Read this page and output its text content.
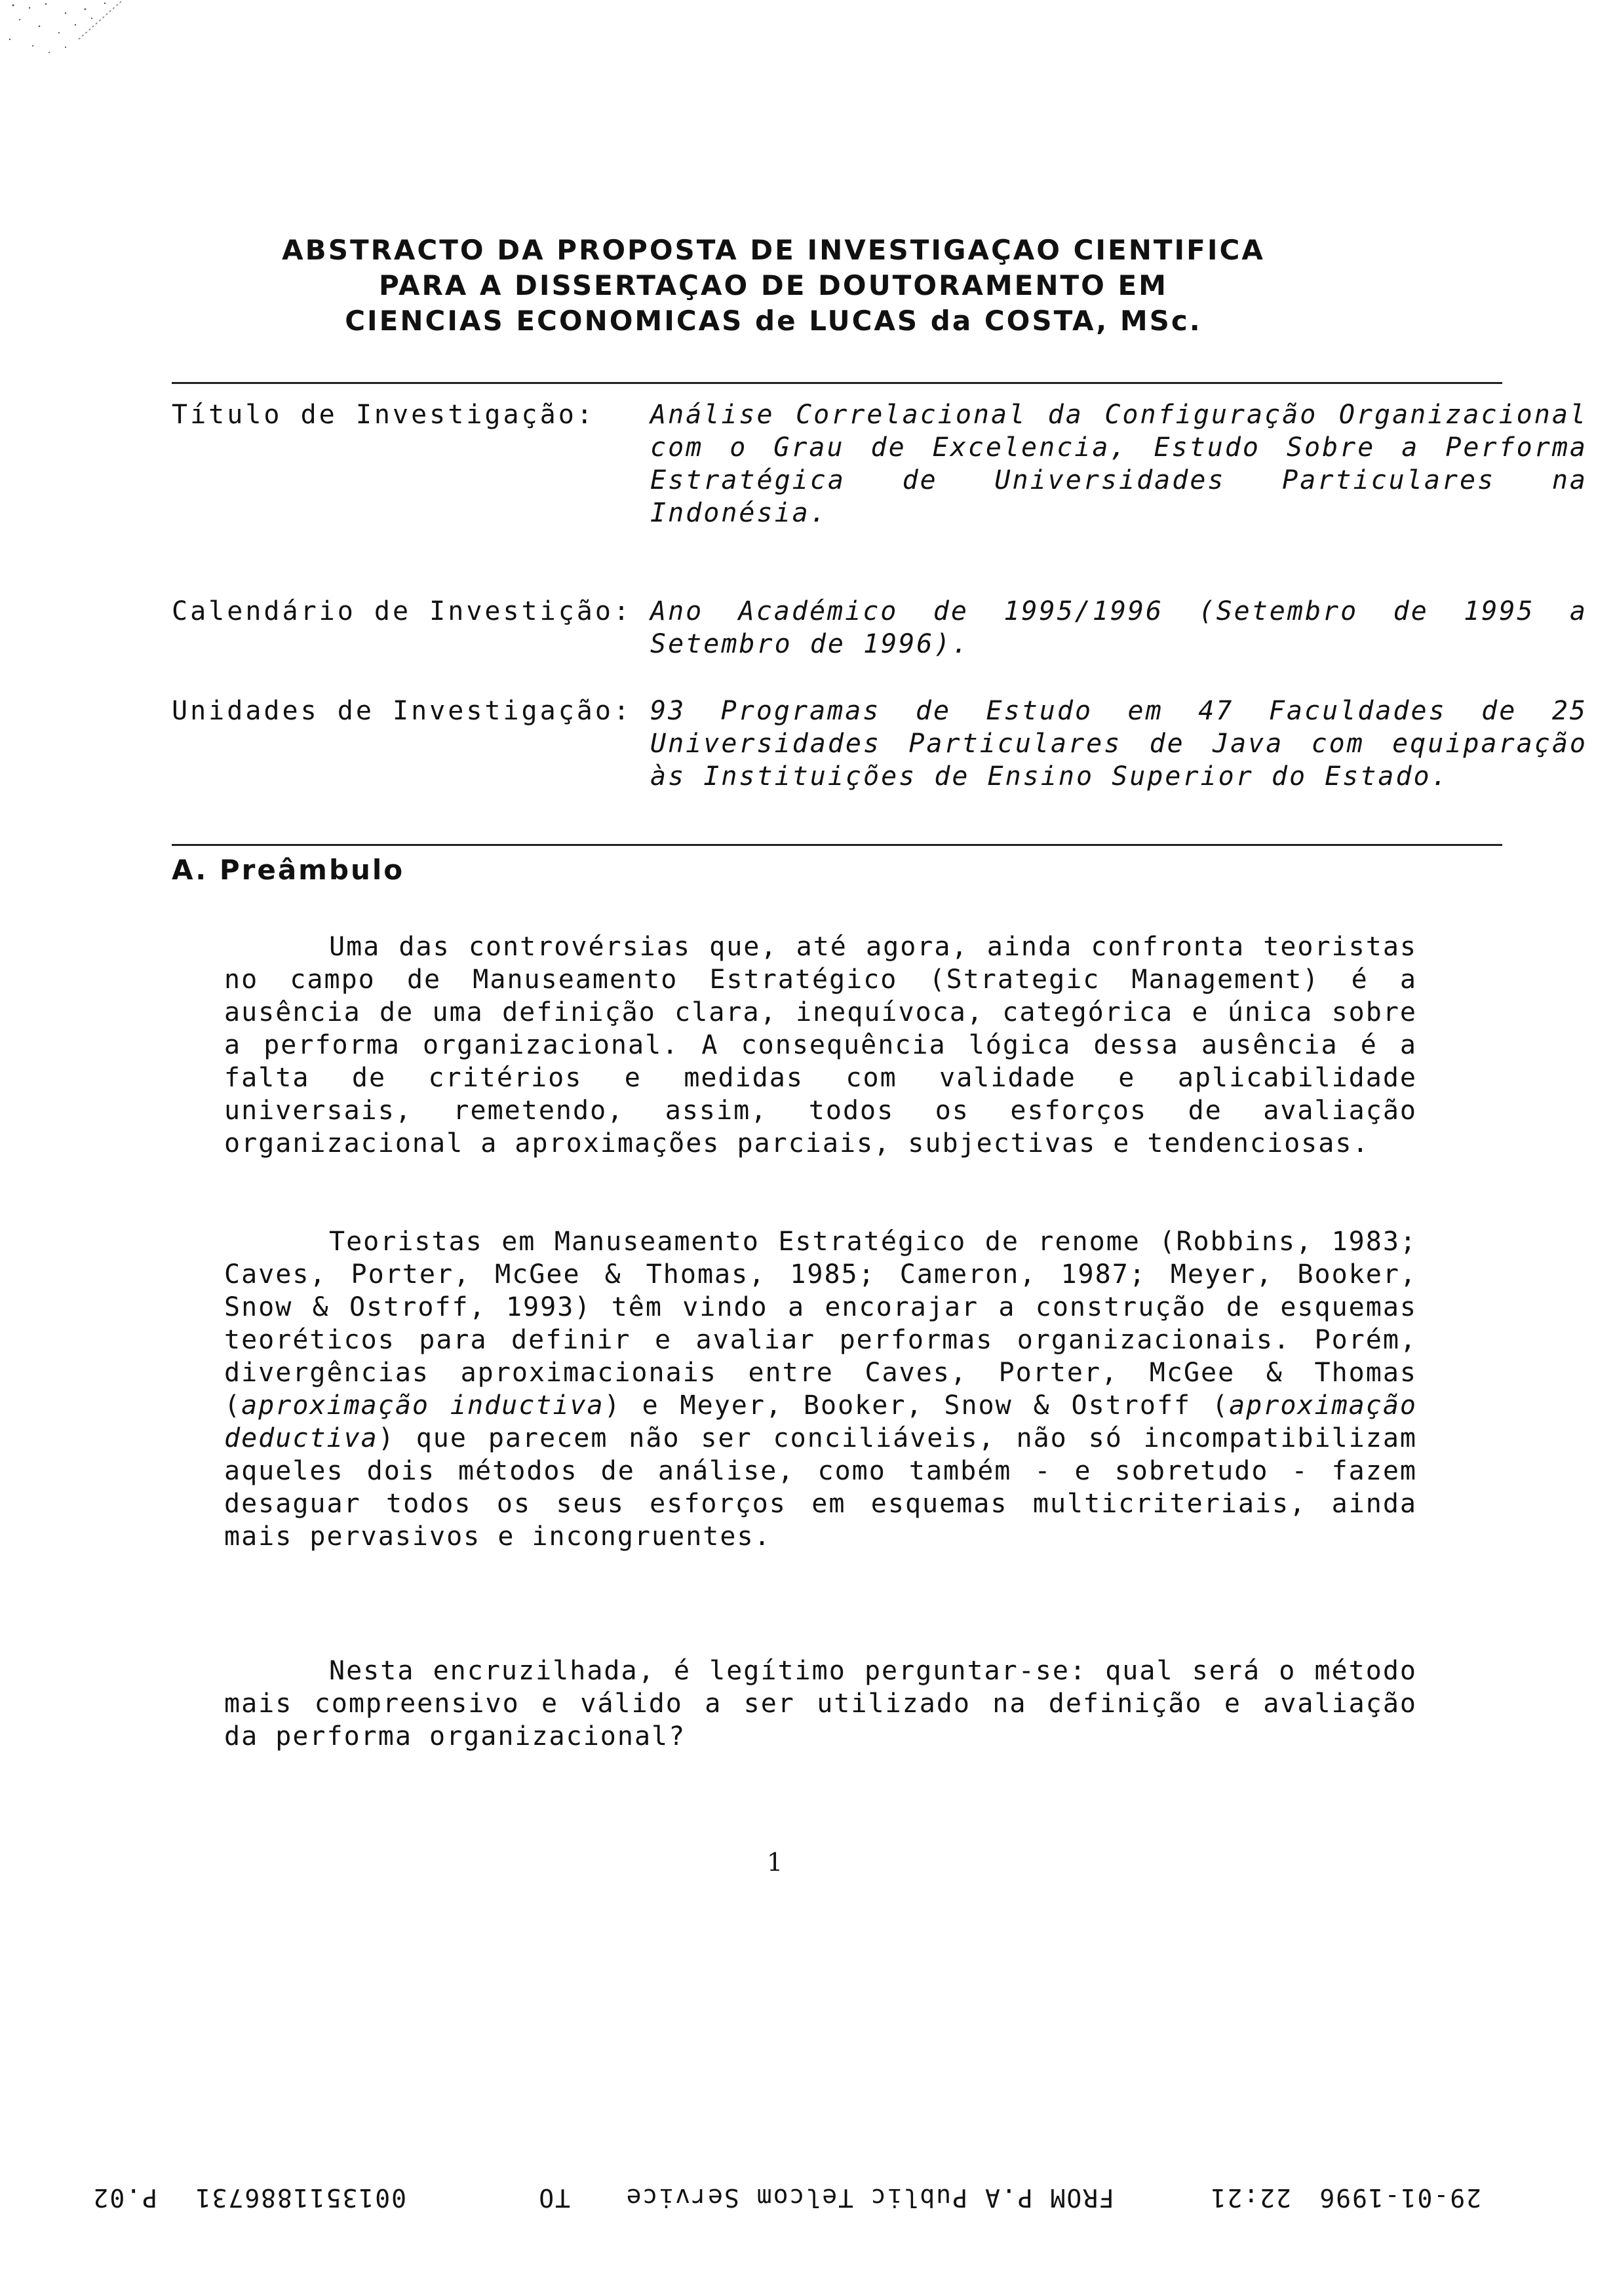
ABSTRACTO DA PROPOSTA DE INVESTIGAÇAO CIENTIFICA
PARA A DISSERTAÇAO DE DOUTORAMENTO EM
CIENCIAS ECONOMICAS de LUCAS da COSTA, MSc.
Título de Investigação:	Análise Correlacional da Configuração Organizacional com o Grau de Excelencia, Estudo Sobre a Performa Estratégica de Universidades Particulares na Indonésia.
Calendário de Investição: Ano Académico de 1995/1996 (Setembro de 1995 a Setembro de 1996).
Unidades de Investigação: 93 Programas de Estudo em 47 Faculdades de 25 Universidades Particulares de Java com equiparação às Instituições de Ensino Superior do Estado.
A. Preâmbulo
Uma das controvérsias que, até agora, ainda confronta teoristas no campo de Manuseamento Estratégico (Strategic Management) é a ausência de uma definição clara, inequívoca, categórica e única sobre a performa organizacional. A consequência lógica dessa ausência é a falta de critérios e medidas com validade e aplicabilidade universais, remetendo, assim, todos os esforços de avaliação organizacional a aproximações parciais, subjectivas e tendenciosas.
Teoristas em Manuseamento Estratégico de renome (Robbins, 1983; Caves, Porter, McGee & Thomas, 1985; Cameron, 1987; Meyer, Booker, Snow & Ostroff, 1993) têm vindo a encorajar a construção de esquemas teoréticos para definir e avaliar performas organizacionais. Porém, divergências aproximacionais entre Caves, Porter, McGee & Thomas (aproximação inductiva) e Meyer, Booker, Snow & Ostroff (aproximação deductiva) que parecem não ser conciliáveis, não só incompatibilizam aqueles dois métodos de análise, como também - e sobretudo - fazem desaguar todos os seus esforços em esquemas multicriteriais, ainda mais pervasivos e incongruentes.
Nesta encruzilhada, é legítimo perguntar-se: qual será o método mais compreensivo e válido a ser utilizado na definição e avaliação da performa organizacional?
1
29-01-1996
22:21
FROM P.A Public Telcom Service
TO
0013511886731
P.02
